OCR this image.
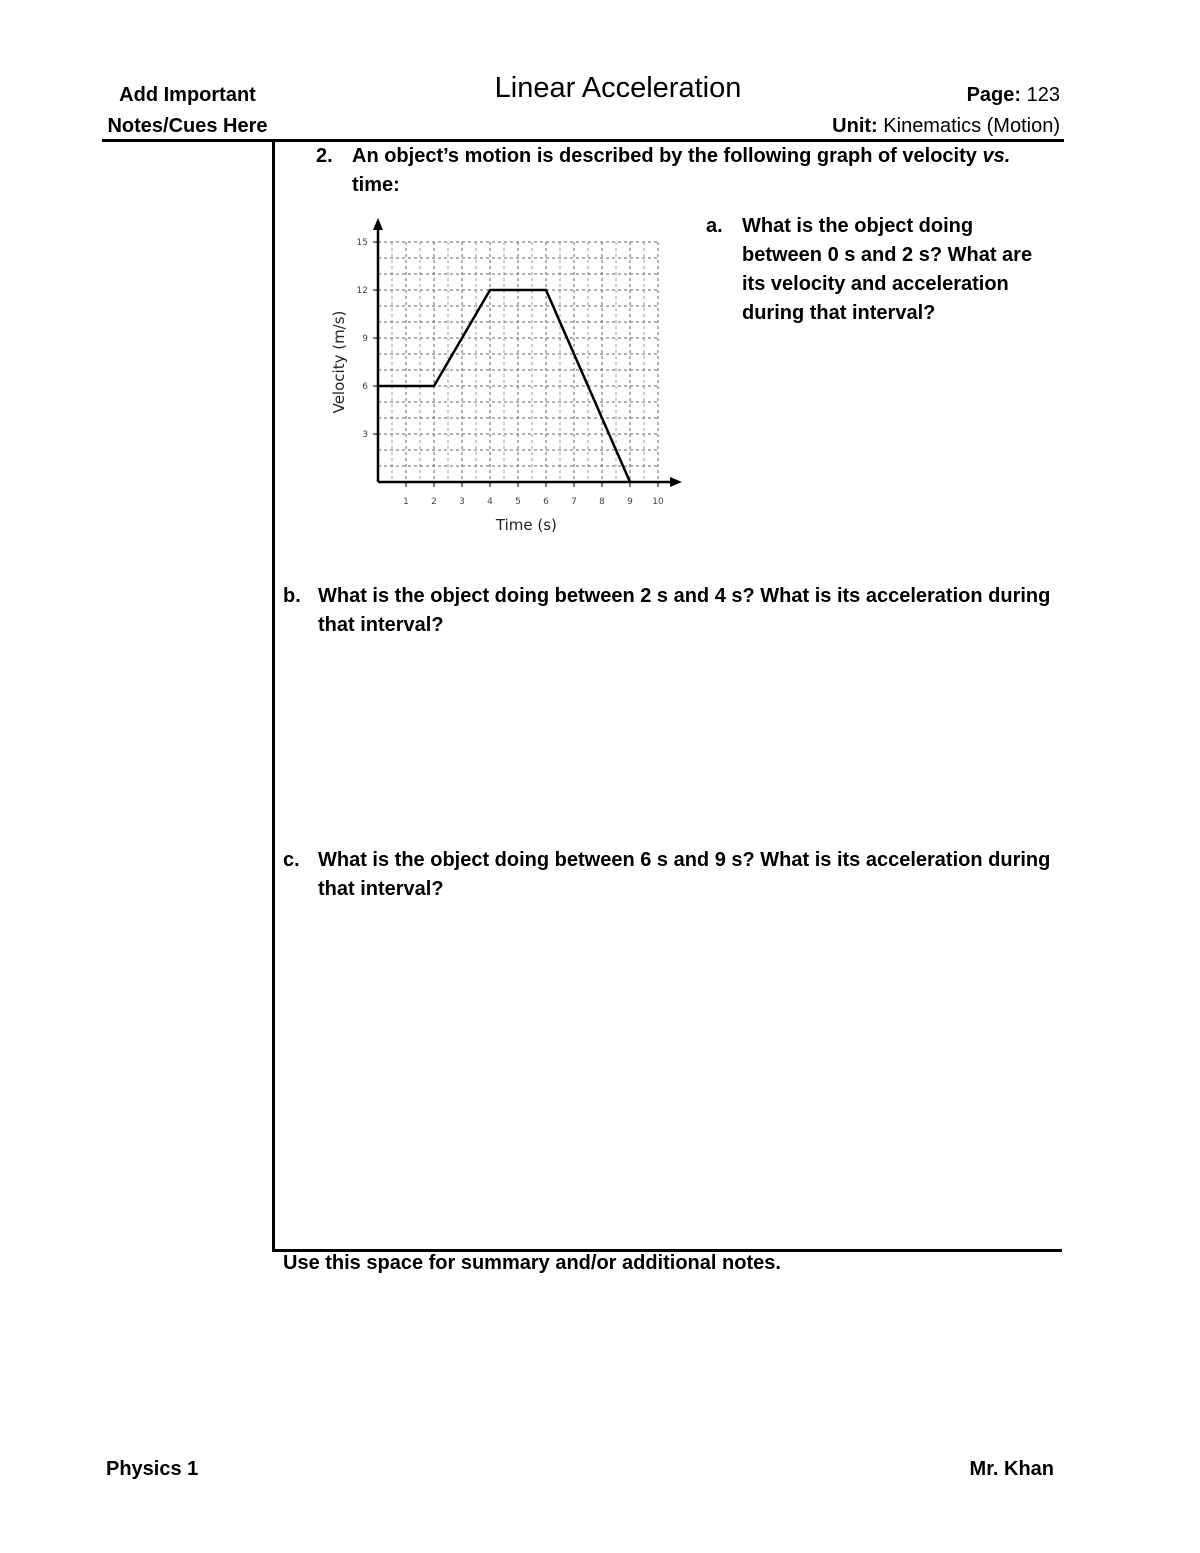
Add Important
Notes/Cues Here
Linear Acceleration	Page: 123
Unit: Kinematics (Motion)
2. An object’s motion is described by the following graph of velocity vs.
time:
a. What is the object doing
between 0 s and 2 s? What are
its velocity and acceleration
during that interval?
1 2 3 4 5 6 7 8 9 10
3
6
9
12
15
Time (s)
Velocity (m/s)
b. What is the object doing between 2 s and 4 s? What is its acceleration during
that interval?
c. What is the object doing between 6 s and 9 s? What is its acceleration during
that interval?
Use this space for summary and/or additional notes.
Physics 1	Mr. Khan
